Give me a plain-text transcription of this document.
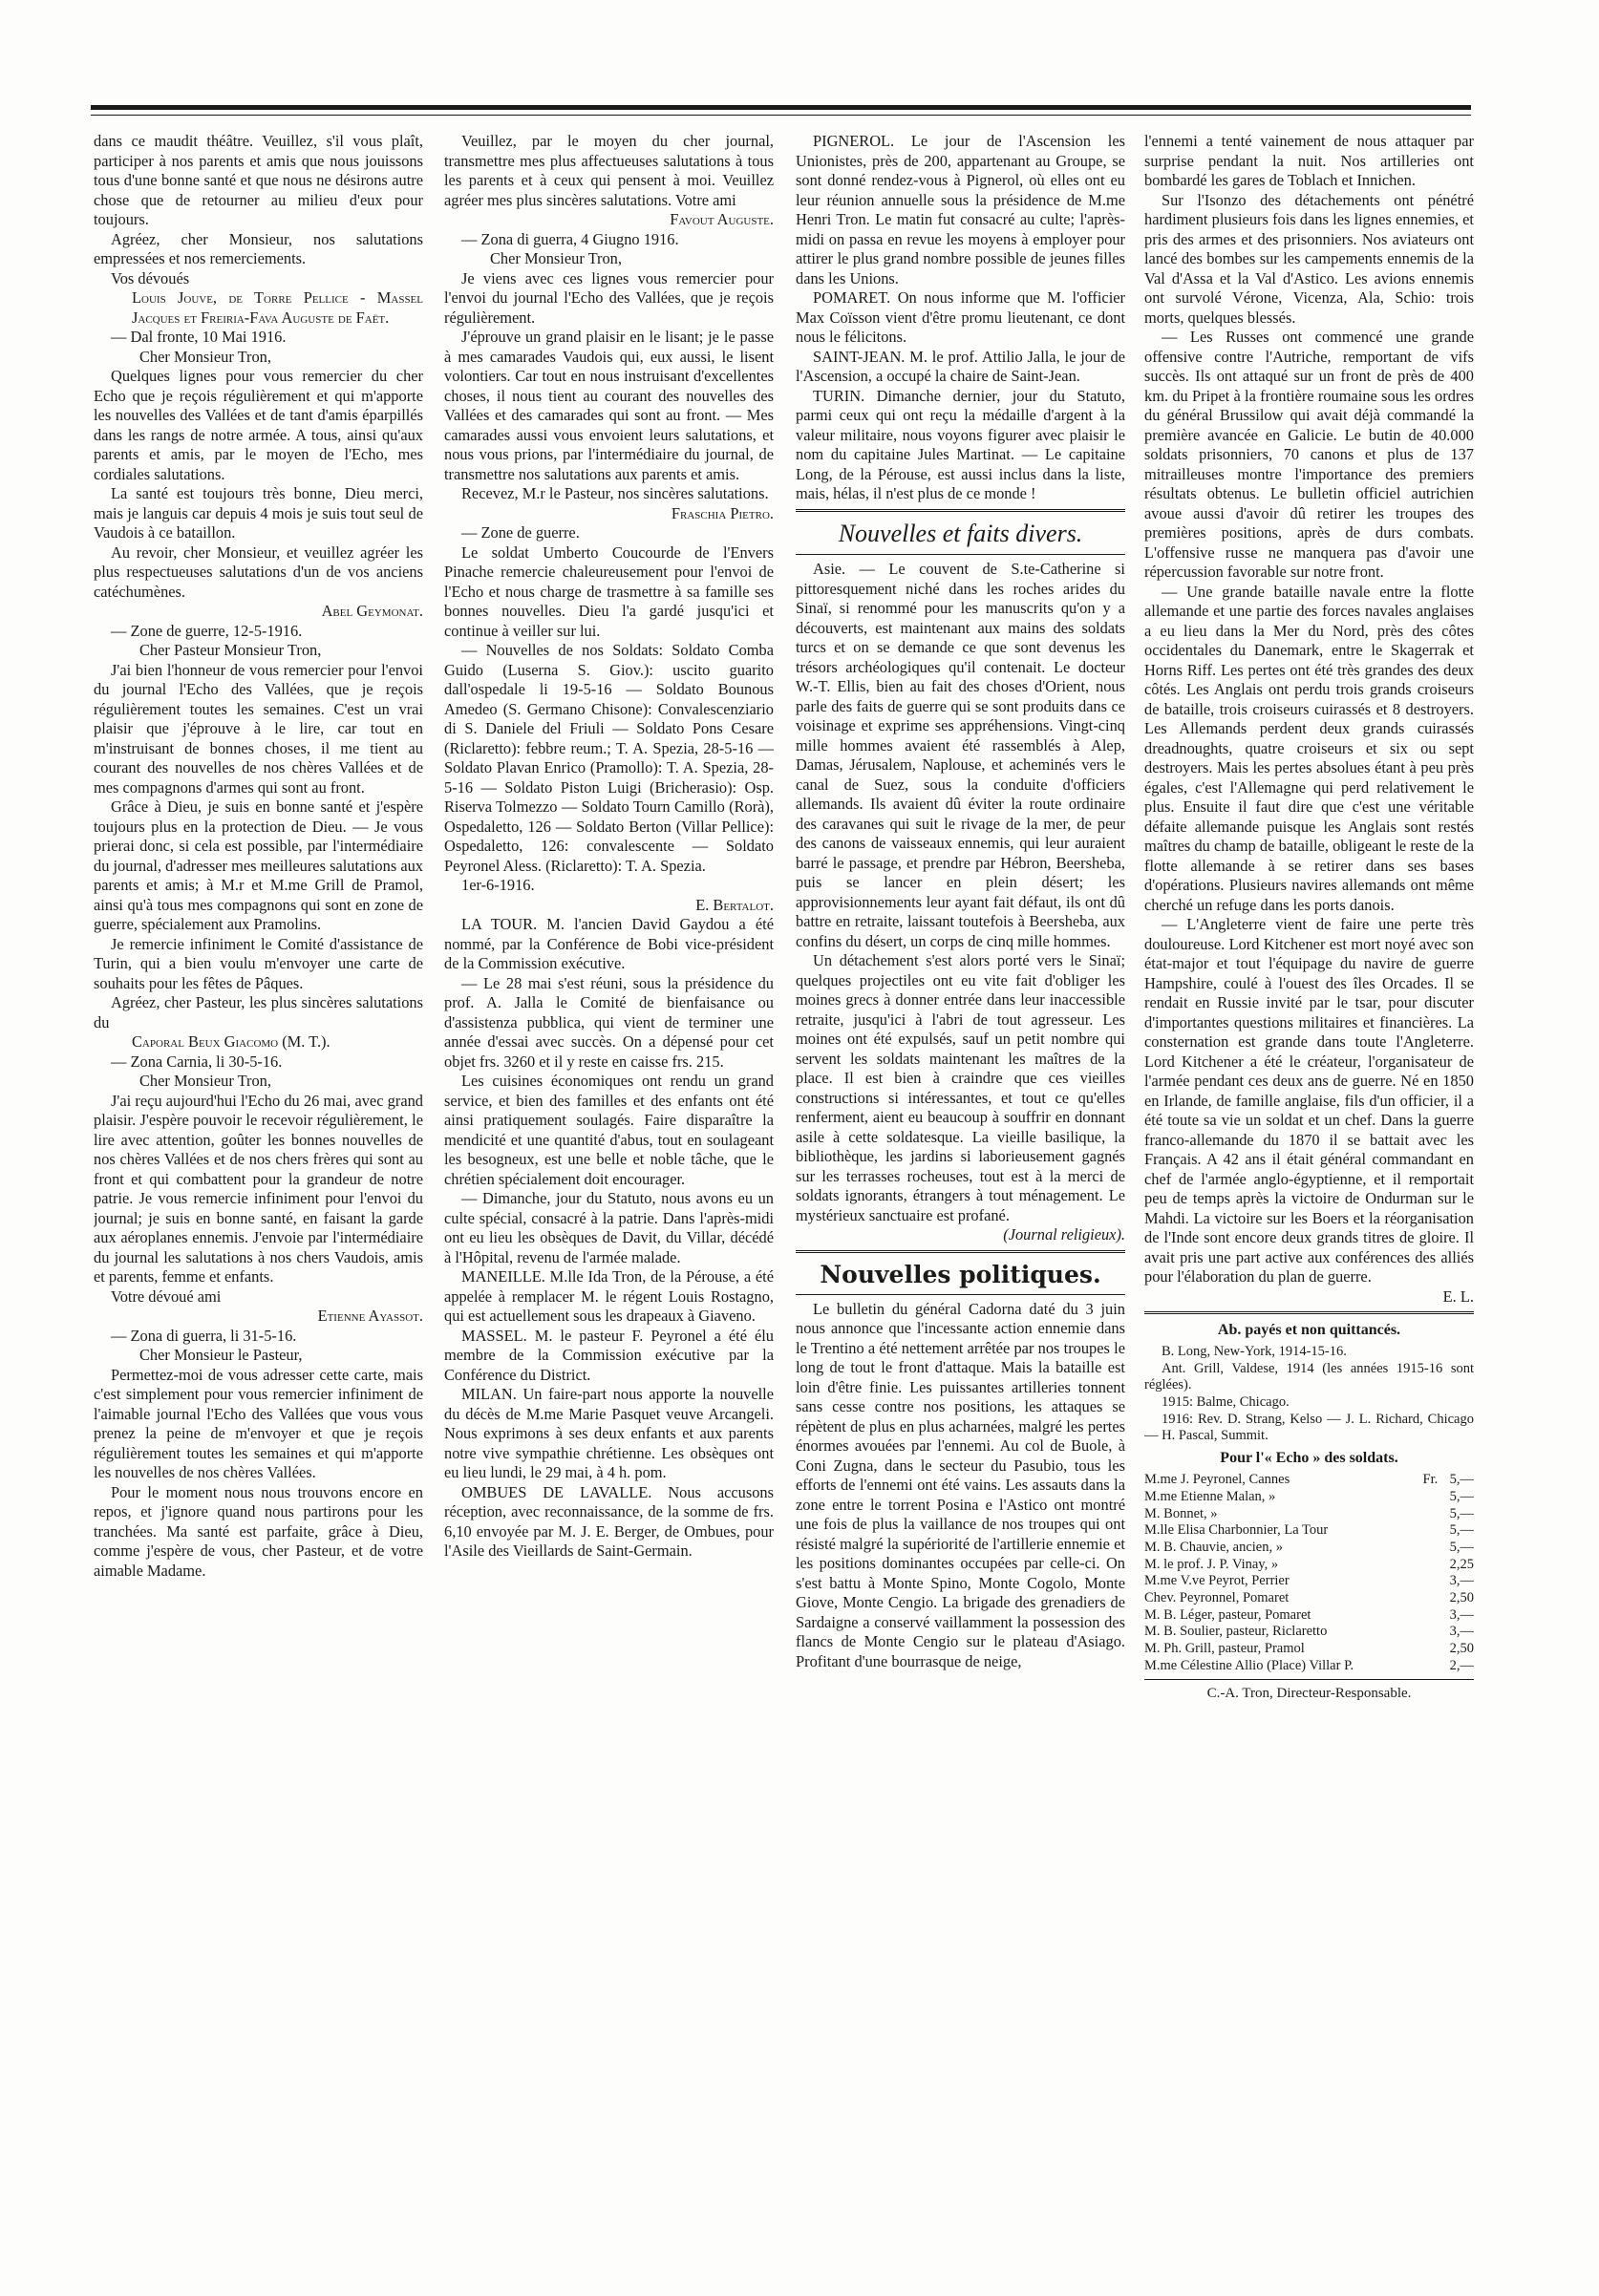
dans ce maudit théâtre. Veuillez, s'il vous plaît, participer à nos parents et amis que nous jouissons tous d'une bonne santé et que nous ne désirons autre chose que de retourner au milieu d'eux pour toujours.

Agréez, cher Monsieur, nos salutations empressées et nos remerciements.

Vos dévoués

Louis Jouve, de Torre Pellice - Massel Jacques et Freiria-Fava Auguste de Faët.

— Dal fronte, 10 Mai 1916.

Cher Monsieur Tron,

Quelques lignes pour vous remercier du cher Echo que je reçois régulièrement et qui m'apporte les nouvelles des Vallées et de tant d'amis éparpillés dans les rangs de notre armée. A tous, ainsi qu'aux parents et amis, par le moyen de l'Echo, mes cordiales salutations.

La santé est toujours très bonne, Dieu merci, mais je languis car depuis 4 mois je suis tout seul de Vaudois à ce bataillon.

Au revoir, cher Monsieur, et veuillez agréer les plus respectueuses salutations d'un de vos anciens catéchumènes.

Abel Geymonat.

— Zone de guerre, 12-5-1916.

Cher Pasteur Monsieur Tron,

J'ai bien l'honneur de vous remercier pour l'envoi du journal l'Echo des Vallées, que je reçois régulièrement toutes les semaines. C'est un vrai plaisir que j'éprouve à le lire, car tout en m'instruisant de bonnes choses, il me tient au courant des nouvelles de nos chères Vallées et de mes compagnons d'armes qui sont au front.

Grâce à Dieu, je suis en bonne santé et j'espère toujours plus en la protection de Dieu. — Je vous prierai donc, si cela est possible, par l'intermédiaire du journal, d'adresser mes meilleures salutations aux parents et amis; à M.r et M.me Grill de Pramol, ainsi qu'à tous mes compagnons qui sont en zone de guerre, spécialement aux Pramolins.

Je remercie infiniment le Comité d'assistance de Turin, qui a bien voulu m'envoyer une carte de souhaits pour les fêtes de Pâques.

Agréez, cher Pasteur, les plus sincères salutations du

Caporal Beux Giacomo (M. T.).

— Zona Carnia, li 30-5-16.

Cher Monsieur Tron,

J'ai reçu aujourd'hui l'Echo du 26 mai, avec grand plaisir. J'espère pouvoir le recevoir régulièrement, le lire avec attention, goûter les bonnes nouvelles de nos chères Vallées et de nos chers frères qui sont au front et qui combattent pour la grandeur de notre patrie. Je vous remercie infiniment pour l'envoi du journal; je suis en bonne santé, en faisant la garde aux aéroplanes ennemis. J'envoie par l'intermédiaire du journal les salutations à nos chers Vaudois, amis et parents, femme et enfants.

Votre dévoué ami

Etienne Ayassot.

— Zona di guerra, li 31-5-16.

Cher Monsieur le Pasteur,

Permettez-moi de vous adresser cette carte, mais c'est simplement pour vous remercier infiniment de l'aimable journal l'Echo des Vallées que vous vous prenez la peine de m'envoyer et que je reçois régulièrement toutes les semaines et qui m'apporte les nouvelles de nos chères Vallées.

Pour le moment nous nous trouvons encore en repos, et j'ignore quand nous partirons pour les tranchées. Ma santé est parfaite, grâce à Dieu, comme j'espère de vous, cher Pasteur, et de votre aimable Madame.

Veuillez, par le moyen du cher journal, transmettre mes plus affectueuses salutations à tous les parents et à ceux qui pensent à moi. Veuillez agréer mes plus sincères salutations. Votre ami

Favout Auguste.

— Zona di guerra, 4 Giugno 1916.

Cher Monsieur Tron,

Je viens avec ces lignes vous remercier pour l'envoi du journal l'Echo des Vallées, que je reçois régulièrement.

J'éprouve un grand plaisir en le lisant; je le passe à mes camarades Vaudois qui, eux aussi, le lisent volontiers. Car tout en nous instruisant d'excellentes choses, il nous tient au courant des nouvelles des Vallées et des camarades qui sont au front. — Mes camarades aussi vous envoient leurs salutations, et nous vous prions, par l'intermédiaire du journal, de transmettre nos salutations aux parents et amis.

Recevez, M.r le Pasteur, nos sincères salutations.

Fraschia Pietro.

— Zone de guerre.

Le soldat Umberto Coucourde de l'Envers Pinache remercie chaleureusement pour l'envoi de l'Echo et nous charge de trasmettre à sa famille ses bonnes nouvelles. Dieu l'a gardé jusqu'ici et continue à veiller sur lui.

— Nouvelles de nos Soldats: Soldato Comba Guido (Luserna S. Giov.): uscito guarito dall'ospedale li 19-5-16 — Soldato Bounous Amedeo (S. Germano Chisone): Convalescenziario di S. Daniele del Friuli — Soldato Pons Cesare (Riclaretto): febbre reum.; T. A. Spezia, 28-5-16 — Soldato Plavan Enrico (Pramollo): T. A. Spezia, 28-5-16 — Soldato Piston Luigi (Bricherasio): Osp. Riserva Tolmezzo — Soldato Tourn Camillo (Rorà), Ospedaletto, 126 — Soldato Berton (Villar Pellice): Ospedaletto, 126: convalescente — Soldato Peyronel Aless. (Riclaretto): T. A. Spezia.

1er-6-1916.

E. Bertalot.

LA TOUR. M. l'ancien David Gaydou a été nommé, par la Conférence de Bobi vice-président de la Commission exécutive.

— Le 28 mai s'est réuni, sous la présidence du prof. A. Jalla le Comité de bienfaisance ou d'assistenza pubblica, qui vient de terminer une année d'essai avec succès. On a dépensé pour cet objet frs. 3260 et il y reste en caisse frs. 215.

Les cuisines économiques ont rendu un grand service, et bien des familles et des enfants ont été ainsi pratiquement soulagés. Faire disparaître la mendicité et une quantité d'abus, tout en soulageant les besogneux, est une belle et noble tâche, que le chrétien spécialement doit encourager.

— Dimanche, jour du Statuto, nous avons eu un culte spécial, consacré à la patrie. Dans l'après-midi ont eu lieu les obsèques de Davit, du Villar, décédé à l'Hôpital, revenu de l'armée malade.

MANEILLE. M.lle Ida Tron, de la Pérouse, a été appelée à remplacer M. le régent Louis Rostagno, qui est actuellement sous les drapeaux à Giaveno.

MASSEL. M. le pasteur F. Peyronel a été élu membre de la Commission exécutive par la Conférence du District.

MILAN. Un faire-part nous apporte la nouvelle du décès de M.me Marie Pasquet veuve Arcangeli. Nous exprimons à ses deux enfants et aux parents notre vive sympathie chrétienne. Les obsèques ont eu lieu lundi, le 29 mai, à 4 h. pom.

OMBUES DE LAVALLE. Nous accusons réception, avec reconnaissance, de la somme de frs. 6,10 envoyée par M. J. E. Berger, de Ombues, pour l'Asile des Vieillards de Saint-Germain.

PIGNEROL. Le jour de l'Ascension les Unionistes, près de 200, appartenant au Groupe, se sont donné rendez-vous à Pignerol, où elles ont eu leur réunion annuelle sous la présidence de M.me Henri Tron. Le matin fut consacré au culte; l'après-midi on passa en revue les moyens à employer pour attirer le plus grand nombre possible de jeunes filles dans les Unions.

POMARET. On nous informe que M. l'officier Max Coïsson vient d'être promu lieutenant, ce dont nous le félicitons.

SAINT-JEAN. M. le prof. Attilio Jalla, le jour de l'Ascension, a occupé la chaire de Saint-Jean.

TURIN. Dimanche dernier, jour du Statuto, parmi ceux qui ont reçu la médaille d'argent à la valeur militaire, nous voyons figurer avec plaisir le nom du capitaine Jules Martinat. — Le capitaine Long, de la Pérouse, est aussi inclus dans la liste, mais, hélas, il n'est plus de ce monde !

Nouvelles et faits divers.

Asie. — Le couvent de S.te-Catherine si pittoresquement niché dans les roches arides du Sinaï, si renommé pour les manuscrits qu'on y a découverts, est maintenant aux mains des soldats turcs et on se demande ce que sont devenus les trésors archéologiques qu'il contenait. Le docteur W.-T. Ellis, bien au fait des choses d'Orient, nous parle des faits de guerre qui se sont produits dans ce voisinage et exprime ses appréhensions. Vingt-cinq mille hommes avaient été rassemblés à Alep, Damas, Jérusalem, Naplouse, et acheminés vers le canal de Suez, sous la conduite d'officiers allemands. Ils avaient dû éviter la route ordinaire des caravanes qui suit le rivage de la mer, de peur des canons de vaisseaux ennemis, qui leur auraient barré le passage, et prendre par Hébron, Beersheba, puis se lancer en plein désert; les approvisionnements leur ayant fait défaut, ils ont dû battre en retraite, laissant toutefois à Beersheba, aux confins du désert, un corps de cinq mille hommes.

Un détachement s'est alors porté vers le Sinaï; quelques projectiles ont eu vite fait d'obliger les moines grecs à donner entrée dans leur inaccessible retraite, jusqu'ici à l'abri de tout agresseur. Les moines ont été expulsés, sauf un petit nombre qui servent les soldats maintenant les maîtres de la place. Il est bien à craindre que ces vieilles constructions si intéressantes, et tout ce qu'elles renferment, aient eu beaucoup à souffrir en donnant asile à cette soldatesque. La vieille basilique, la bibliothèque, les jardins si laborieusement gagnés sur les terrasses rocheuses, tout est à la merci de soldats ignorants, étrangers à tout ménagement. Le mystérieux sanctuaire est profané.

(Journal religieux).

Nouvelles politiques.

Le bulletin du général Cadorna daté du 3 juin nous annonce que l'incessante action ennemie dans le Trentino a été nettement arrêtée par nos troupes le long de tout le front d'attaque. Mais la bataille est loin d'être finie. Les puissantes artilleries tonnent sans cesse contre nos positions, les attaques se répètent de plus en plus acharnées, malgré les pertes énormes avouées par l'ennemi. Au col de Buole, à Coni Zugna, dans le secteur du Pasubio, tous les efforts de l'ennemi ont été vains. Les assauts dans la zone entre le torrent Posina e l'Astico ont montré une fois de plus la vaillance de nos troupes qui ont résisté malgré la supériorité de l'artillerie ennemie et les positions dominantes occupées par celle-ci. On s'est battu à Monte Spino, Monte Cogolo, Monte Giove, Monte Cengio. La brigade des grenadiers de Sardaigne a conservé vaillamment la possession des flancs de Monte Cengio sur le plateau d'Asiago. Profitant d'une bourrasque de neige,

l'ennemi a tenté vainement de nous attaquer par surprise pendant la nuit. Nos artilleries ont bombardé les gares de Toblach et Innichen.

Sur l'Isonzo des détachements ont pénétré hardiment plusieurs fois dans les lignes ennemies, et pris des armes et des prisonniers. Nos aviateurs ont lancé des bombes sur les campements ennemis de la Val d'Assa et la Val d'Astico. Les avions ennemis ont survolé Vérone, Vicenza, Ala, Schio: trois morts, quelques blessés.

— Les Russes ont commencé une grande offensive contre l'Autriche, remportant de vifs succès. Ils ont attaqué sur un front de près de 400 km. du Pripet à la frontière roumaine sous les ordres du général Brussilow qui avait déjà commandé la première avancée en Galicie. Le butin de 40.000 soldats prisonniers, 70 canons et plus de 137 mitrailleuses montre l'importance des premiers résultats obtenus. Le bulletin officiel autrichien avoue aussi d'avoir dû retirer les troupes des premières positions, après de durs combats. L'offensive russe ne manquera pas d'avoir une répercussion favorable sur notre front.

— Une grande bataille navale entre la flotte allemande et une partie des forces navales anglaises a eu lieu dans la Mer du Nord, près des côtes occidentales du Danemark, entre le Skagerrak et Horns Riff. Les pertes ont été très grandes des deux côtés. Les Anglais ont perdu trois grands croiseurs de bataille, trois croiseurs cuirassés et 8 destroyers. Les Allemands perdent deux grands cuirassés dreadnoughts, quatre croiseurs et six ou sept destroyers. Mais les pertes absolues étant à peu près égales, c'est l'Allemagne qui perd relativement le plus. Ensuite il faut dire que c'est une véritable défaite allemande puisque les Anglais sont restés maîtres du champ de bataille, obligeant le reste de la flotte allemande à se retirer dans ses bases d'opérations. Plusieurs navires allemands ont même cherché un refuge dans les ports danois.

— L'Angleterre vient de faire une perte très douloureuse. Lord Kitchener est mort noyé avec son état-major et tout l'équipage du navire de guerre Hampshire, coulé à l'ouest des îles Orcades. Il se rendait en Russie invité par le tsar, pour discuter d'importantes questions militaires et financières. La consternation est grande dans toute l'Angleterre. Lord Kitchener a été le créateur, l'organisateur de l'armée pendant ces deux ans de guerre. Né en 1850 en Irlande, de famille anglaise, fils d'un officier, il a été toute sa vie un soldat et un chef. Dans la guerre franco-allemande du 1870 il se battait avec les Français. A 42 ans il était général commandant en chef de l'armée anglo-égyptienne, et il remportait peu de temps après la victoire de Ondurman sur le Mahdi. La victoire sur les Boers et la réorganisation de l'Inde sont encore deux grands titres de gloire. Il avait pris une part active aux conférences des alliés pour l'élaboration du plan de guerre.

E. L.

Ab. payés et non quittancés.

B. Long, New-York, 1914-15-16.

Ant. Grill, Valdese, 1914 (les années 1915-16 sont réglées).

1915: Balme, Chicago.

1916: Rev. D. Strang, Kelso — J. L. Richard, Chicago — H. Pascal, Summit.

Pour l'« Echo » des soldats.
M.me J. Peyronel, Cannes	Fr.	5,—
M.me Etienne Malan, »		5,—
M. Bonnet, »		5,—
M.lle Elisa Charbonnier, La Tour		5,—
M. B. Chauvie, ancien, »		5,—
M. le prof. J. P. Vinay, »		2,25
M.me V.ve Peyrot, Perrier		3,—
Chev. Peyronnel, Pomaret		2,50
M. B. Léger, pasteur, Pomaret		3,—
M. B. Soulier, pasteur, Riclaretto		3,—
M. Ph. Grill, pasteur, Pramol		2,50
M.me Célestine Allio (Place) Villar P.		2,—

C.-A. Tron, Directeur-Responsable.
